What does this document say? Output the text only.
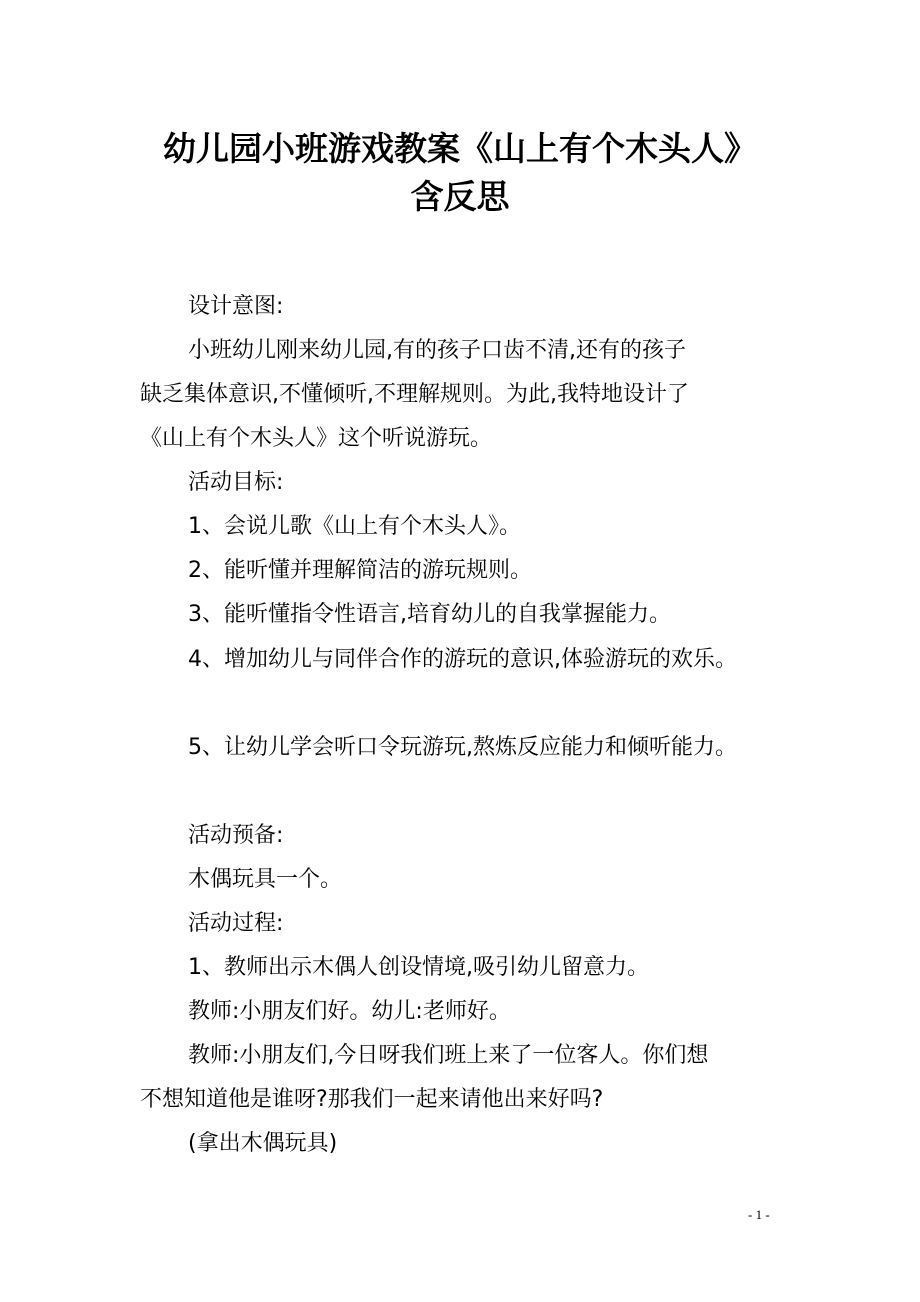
幼儿园小班游戏教案《山上有个木头人》
含反思

设计意图:

小班幼儿刚来幼儿园,有的孩子口齿不清,还有的孩子

缺乏集体意识,不懂倾听,不理解规则。为此,我特地设计了

《山上有个木头人》这个听说游玩。

活动目标:

1、会说儿歌《山上有个木头人》。

2、能听懂并理解简洁的游玩规则。

3、能听懂指令性语言,培育幼儿的自我掌握能力。

4、增加幼儿与同伴合作的游玩的意识,体验游玩的欢乐。

5、让幼儿学会听口令玩游玩,熬炼反应能力和倾听能力。

活动预备:

木偶玩具一个。

活动过程:

1、教师出示木偶人创设情境,吸引幼儿留意力。

教师:小朋友们好。幼儿:老师好。

教师:小朋友们,今日呀我们班上来了一位客人。你们想

不想知道他是谁呀?那我们一起来请他出来好吗?

(拿出木偶玩具)

- 1 -
